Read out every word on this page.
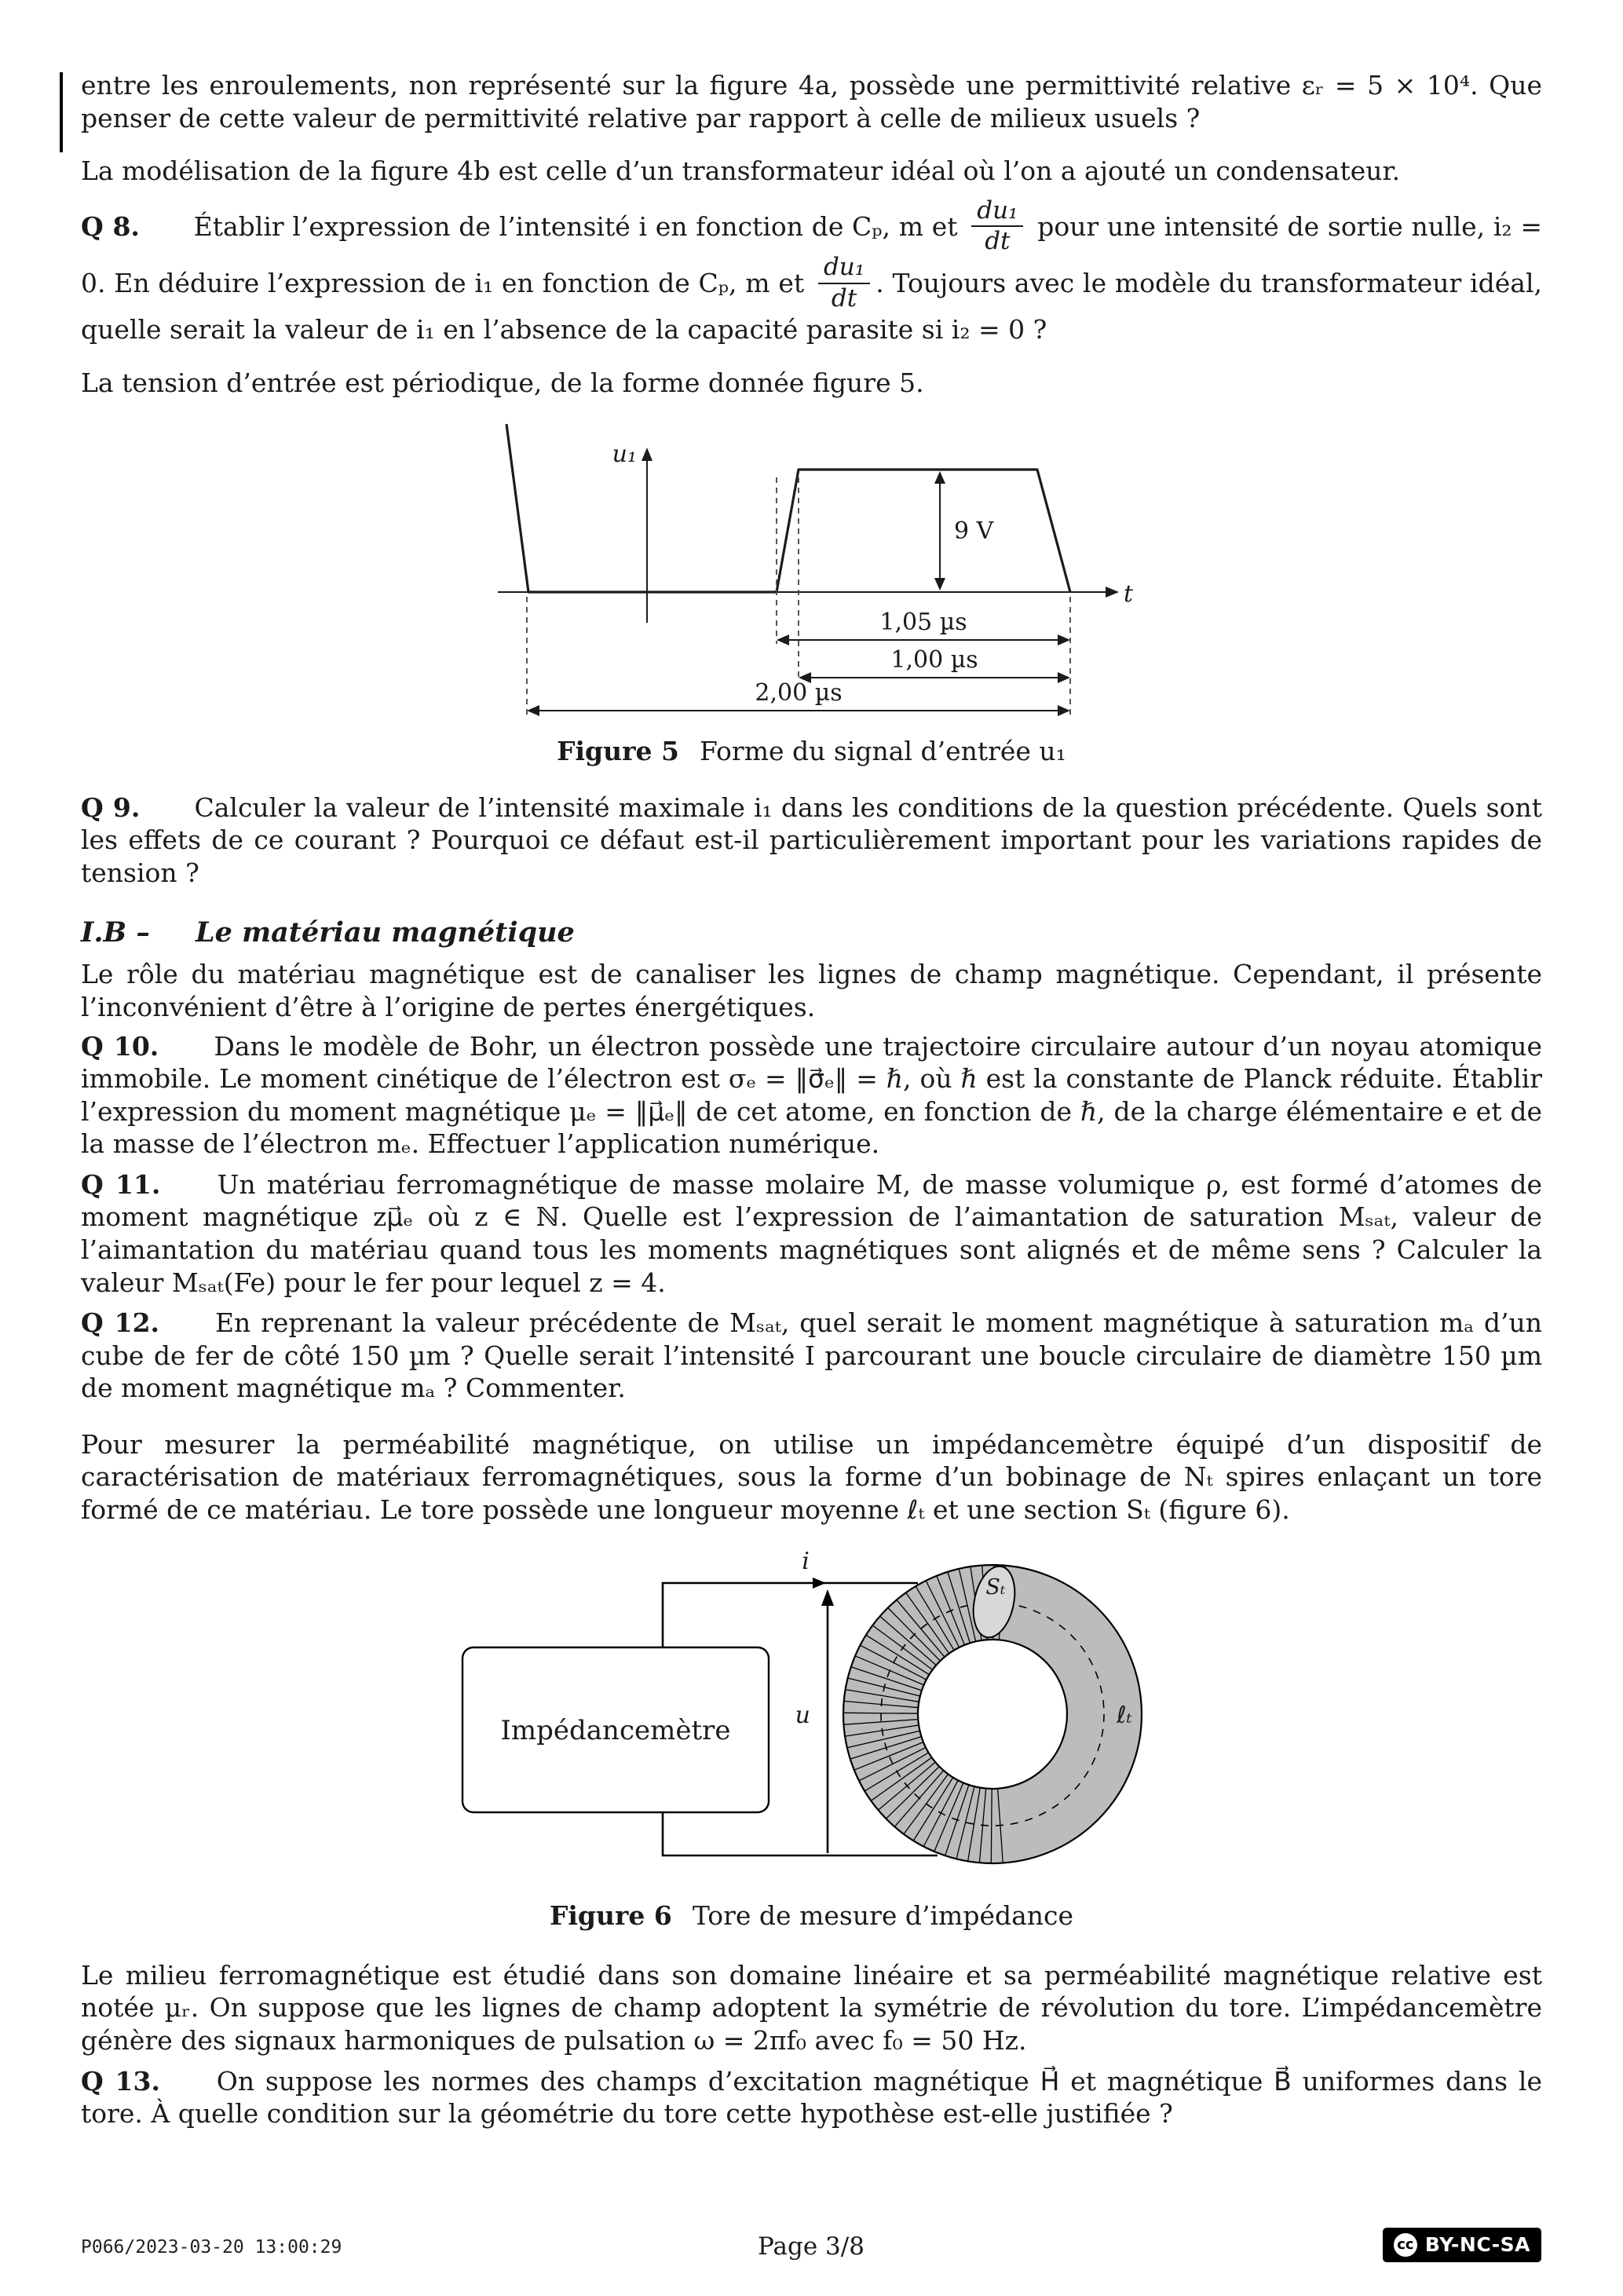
entre les enroulements, non représenté sur la figure 4a, possède une permittivité relative εᵣ = 5 × 10⁴. Que penser de cette valeur de permittivité relative par rapport à celle de milieux usuels ?

La modélisation de la figure 4b est celle d’un transformateur idéal où l’on a ajouté un condensateur.

Q 8. Établir l’expression de l’intensité i en fonction de Cₚ, m et $\frac{\text{du₁}}{dt}$ pour une intensité de sortie nulle, i₂ = 0. En déduire l’expression de i₁ en fonction de Cₚ, m et $\frac{\text{du₁}}{dt}$ . Toujours avec le modèle du transformateur idéal, quelle serait la valeur de i₁ en l’absence de la capacité parasite si i₂ = 0 ?

La tension d’entrée est périodique, de la forme donnée figure 5.

t
u₁
9 V
1,05 µs
1,00 µs
2,00 µs

Figure 5 Forme du signal d’entrée u₁

Q 9. Calculer la valeur de l’intensité maximale i₁ dans les conditions de la question précédente. Quels sont les effets de ce courant ? Pourquoi ce défaut est-il particulièrement important pour les variations rapides de tension ?

I.B – Le matériau magnétique

Le rôle du matériau magnétique est de canaliser les lignes de champ magnétique. Cependant, il présente l’inconvénient d’être à l’origine de pertes énergétiques.

Q 10. Dans le modèle de Bohr, un électron possède une trajectoire circulaire autour d’un noyau atomique immobile. Le moment cinétique de l’électron est σₑ = ‖σ⃗ₑ‖ = ℏ, où ℏ est la constante de Planck réduite. Établir l’expression du moment magnétique μₑ = ‖μ⃗ₑ‖ de cet atome, en fonction de ℏ, de la charge élémentaire e et de la masse de l’électron mₑ. Effectuer l’application numérique.

Q 11. Un matériau ferromagnétique de masse molaire M, de masse volumique ρ, est formé d’atomes de moment magnétique zμ⃗ₑ où z ∈ ℕ. Quelle est l’expression de l’aimantation de saturation Mₛₐₜ, valeur de l’aimantation du matériau quand tous les moments magnétiques sont alignés et de même sens ? Calculer la valeur Mₛₐₜ(Fe) pour le fer pour lequel z = 4.

Q 12. En reprenant la valeur précédente de Mₛₐₜ, quel serait le moment magnétique à saturation mₐ d’un cube de fer de côté 150 µm ? Quelle serait l’intensité I parcourant une boucle circulaire de diamètre 150 µm de moment magnétique mₐ ? Commenter.

Pour mesurer la perméabilité magnétique, on utilise un impédancemètre équipé d’un dispositif de caractérisation de matériaux ferromagnétiques, sous la forme d’un bobinage de Nₜ spires enlaçant un tore formé de ce matériau. Le tore possède une longueur moyenne ℓₜ et une section Sₜ (figure 6).

i
u
Impédancemètre
Sₜ
ℓₜ

Figure 6 Tore de mesure d’impédance

Le milieu ferromagnétique est étudié dans son domaine linéaire et sa perméabilité magnétique relative est notée µᵣ. On suppose que les lignes de champ adoptent la symétrie de révolution du tore. L’impédancemètre génère des signaux harmoniques de pulsation ω = 2πf₀ avec f₀ = 50 Hz.

Q 13. On suppose les normes des champs d’excitation magnétique H⃗ et magnétique B⃗ uniformes dans le tore. À quelle condition sur la géométrie du tore cette hypothèse est-elle justifiée ?

P066/2023-03-20 13:00:29	Page 3/8	cc BY-NC-SA
